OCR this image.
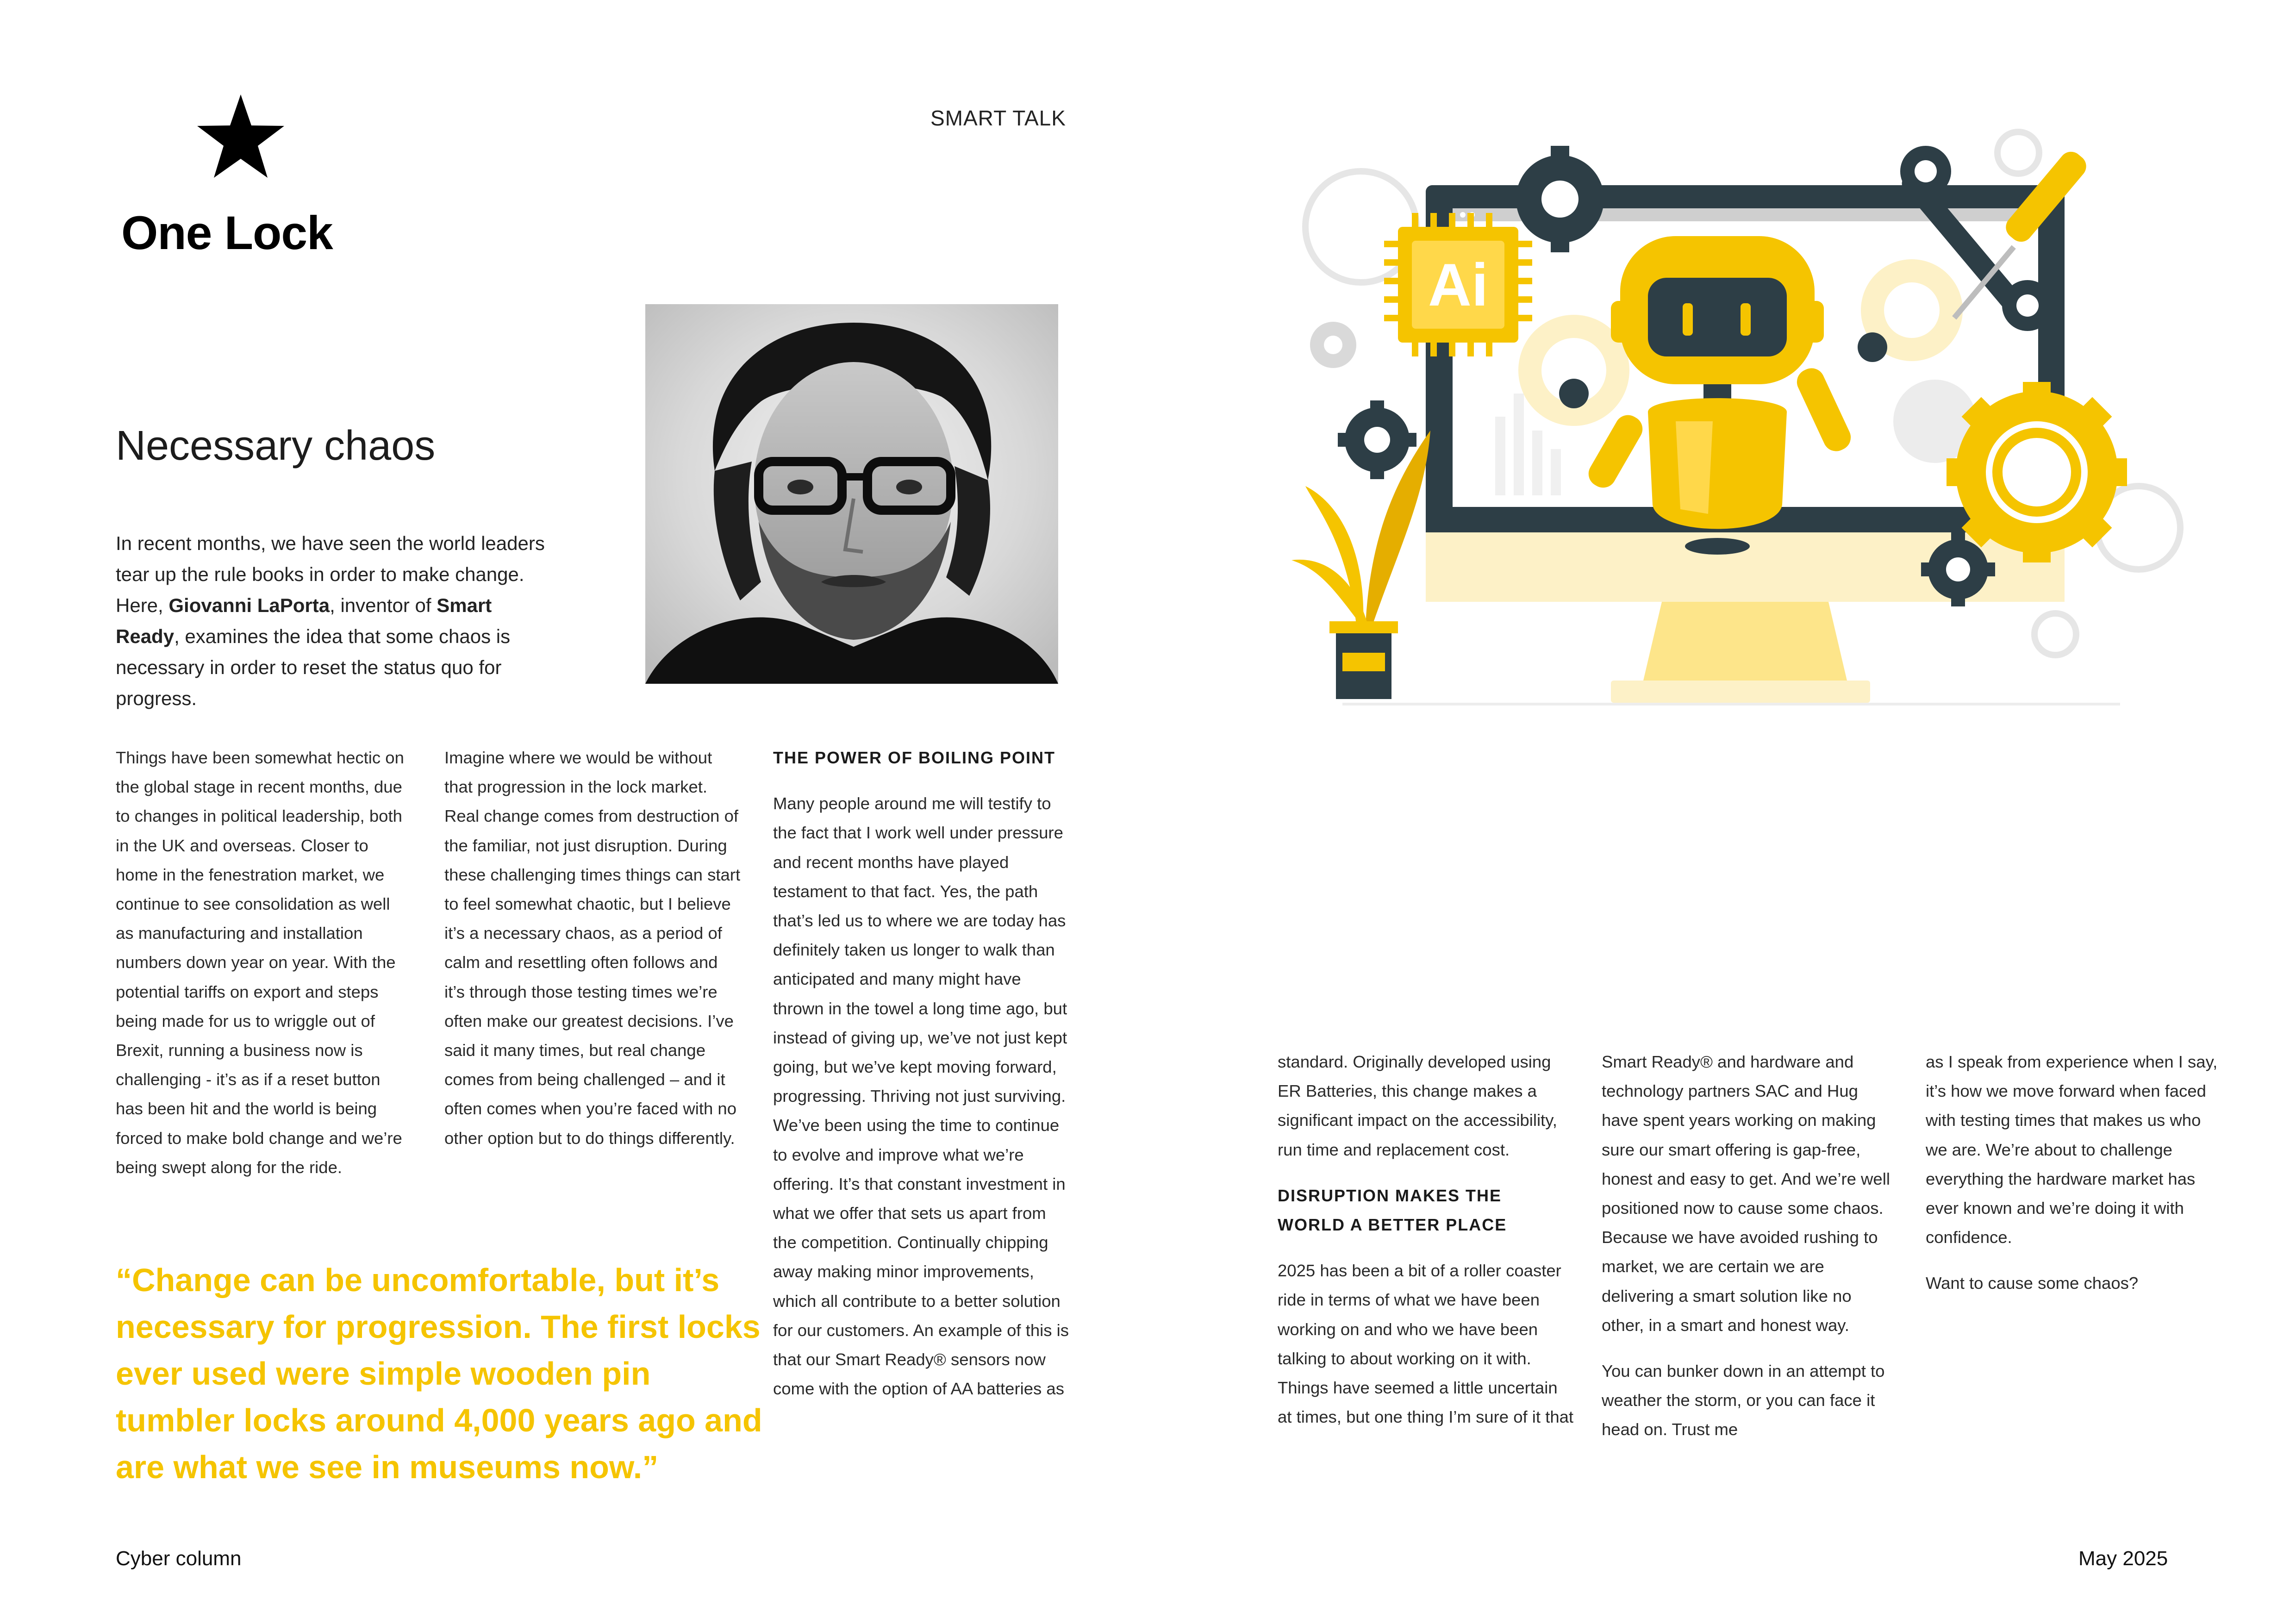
One Lock
SMART TALK
Necessary chaos
In recent months, we have seen the world leaders tear up the rule books in order to make change. Here, Giovanni LaPorta, inventor of Smart Ready, examines the idea that some chaos is necessary in order to reset the status quo for progress.

Things have been somewhat hectic on the global stage in recent months, due to changes in political leadership, both in the UK and overseas. Closer to home in the fenestration market, we continue to see consolidation as well as manufacturing and installation numbers down year on year. With the potential tariffs on export and steps being made for us to wriggle out of Brexit, running a business now is challenging - it’s as if a reset button has been hit and the world is being forced to make bold change and we’re being swept along for the ride.

Imagine where we would be without that progression in the lock market. Real change comes from destruction of the familiar, not just disruption. During these challenging times things can start to feel somewhat chaotic, but I believe it’s a necessary chaos, as a period of calm and resettling often follows and it’s through those testing times we’re often make our greatest decisions. I’ve said it many times, but real change comes from being challenged – and it often comes when you’re faced with no other option but to do things differently.

THE POWER OF BOILING POINT

Many people around me will testify to the fact that I work well under pressure and recent months have played testament to that fact. Yes, the path that’s led us to where we are today has definitely taken us longer to walk than anticipated and many might have thrown in the towel a long time ago, but instead of giving up, we’ve not just kept going, but we’ve kept moving forward, progressing. Thriving not just surviving. We’ve been using the time to continue to evolve and improve what we’re offering. It’s that constant investment in what we offer that sets us apart from the competition. Continually chipping away making minor improvements, which all contribute to a better solution for our customers. An example of this is that our Smart Ready® sensors now come with the option of AA batteries as

standard. Originally developed using ER Batteries, this change makes a significant impact on the accessibility, run time and replacement cost.

DISRUPTION MAKES THE WORLD A BETTER PLACE

2025 has been a bit of a roller coaster ride in terms of what we have been working on and who we have been talking to about working on it with. Things have seemed a little uncertain at times, but one thing I’m sure of it that

Smart Ready® and hardware and technology partners SAC and Hug have spent years working on making sure our smart offering is gap-free, honest and easy to get. And we’re well positioned now to cause some chaos. Because we have avoided rushing to market, we are certain we are delivering a smart solution like no other, in a smart and honest way.

You can bunker down in an attempt to weather the storm, or you can face it head on. Trust me

as I speak from experience when I say, it’s how we move forward when faced with testing times that makes us who we are. We’re about to challenge everything the hardware market has ever known and we’re doing it with confidence.

Want to cause some chaos?

“Change can be uncomfortable, but it’s necessary for progression. The first locks ever used were simple wooden pin tumbler locks around 4,000 years ago and are what we see in museums now.”
Ai
Cyber column	May 2025
